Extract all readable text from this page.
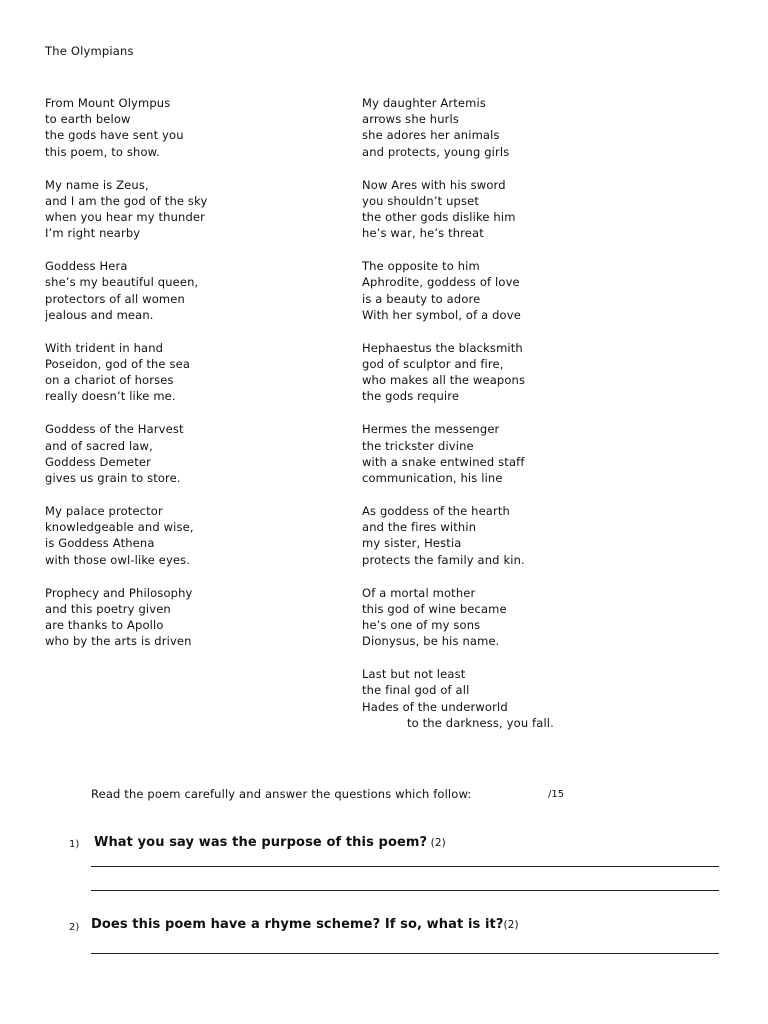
The Olympians
From Mount Olympus
to earth below
the gods have sent you
this poem, to show.
My name is Zeus,
and I am the god of the sky
when you hear my thunder
I’m right nearby
Goddess Hera
she’s my beautiful queen,
protectors of all women
jealous and mean.
With trident in hand
Poseidon, god of the sea
on a chariot of horses
really doesn’t like me.
Goddess of the Harvest
and of sacred law,
Goddess Demeter
gives us grain to store.
My palace protector
knowledgeable and wise,
is Goddess Athena
with those owl-like eyes.
Prophecy and Philosophy
and this poetry given
are thanks to Apollo
who by the arts is driven
My daughter Artemis
arrows she hurls
she adores her animals
and protects, young girls
Now Ares with his sword
you shouldn’t upset
the other gods dislike him
he’s war, he’s threat
The opposite to him
Aphrodite, goddess of love
is a beauty to adore
With her symbol, of a dove
Hephaestus the blacksmith
god of sculptor and fire,
who makes all the weapons
the gods require
Hermes the messenger
the trickster divine
with a snake entwined staff
communication, his line
As goddess of the hearth
and the fires within
my sister, Hestia
protects the family and kin.
Of a mortal mother
this god of wine became
he’s one of my sons
Dionysus, be his name.
Last but not least
the final god of all
Hades of the underworld
to the darkness, you fall.
Read the poem carefully and answer the questions which follow:	/15
1) What you say was the purpose of this poem? (2)
2) Does this poem have a rhyme scheme? If so, what is it?(2)
